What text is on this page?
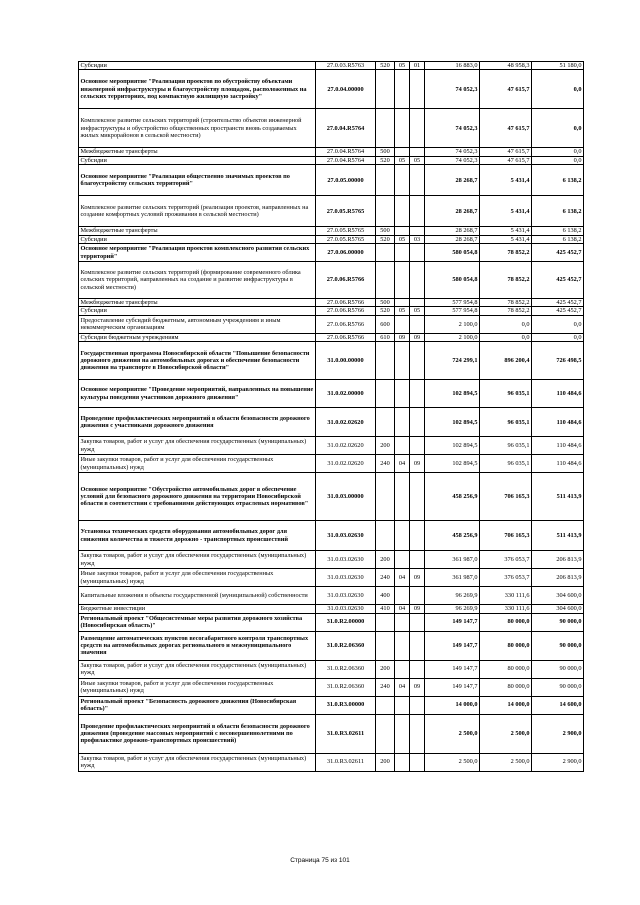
Субсидии	27.0.03.R5763	520	05	01	16 883,0	48 958,3	51 180,0
Основное мероприятие "Реализация проектов по обустройству объектами инженерной инфраструктуры и благоустройству площадок, расположенных на сельских территориях, под компактную жилищную застройку"	27.0.04.00000				74 052,3	47 615,7	0,0
Комплексное развитие сельских территорий (строительство объектов инженерной инфраструктуры и обустройство общественных пространств вновь создаваемых жилых микрорайонов в сельской местности)	27.0.04.R5764				74 052,3	47 615,7	0,0
Межбюджетные трансферты	27.0.04.R5764	500			74 052,3	47 615,7	0,0
Субсидии	27.0.04.R5764	520	05	05	74 052,3	47 615,7	0,0
Основное мероприятие "Реализация общественно значимых проектов по благоустройству сельских территорий"	27.0.05.00000				28 268,7	5 431,4	6 138,2
Комплексное развитие сельских территорий (реализация проектов, направленных на создание комфортных условий проживания в сельской местности)	27.0.05.R5765				28 268,7	5 431,4	6 138,2
Межбюджетные трансферты	27.0.05.R5765	500			28 268,7	5 431,4	6 138,2
Субсидии	27.0.05.R5765	520	05	03	28 268,7	5 431,4	6 138,2
Основное мероприятие "Реализация проектов комплексного развития сельских территорий"	27.0.06.00000				580 054,8	78 852,2	425 452,7
Комплексное развитие сельских территорий (формирование современного облика сельских территорий, направленных на создание и развитие инфраструктуры в сельской местности)	27.0.06.R5766				580 054,8	78 852,2	425 452,7
Межбюджетные трансферты	27.0.06.R5766	500			577 954,8	78 852,2	425 452,7
Субсидии	27.0.06.R5766	520	05	05	577 954,8	78 852,2	425 452,7
Предоставление субсидий бюджетным, автономным учреждениям и иным некоммерческим организациям	27.0.06.R5766	600			2 100,0	0,0	0,0
Субсидии бюджетным учреждениям	27.0.06.R5766	610	09	09	2 100,0	0,0	0,0
Государственная программа Новосибирской области "Повышение безопасности дорожного движения на автомобильных дорогах и обеспечение безопасности движения на транспорте в Новосибирской области"	31.0.00.00000				724 299,1	896 200,4	726 498,5
Основное мероприятие "Проведение мероприятий, направленных на повышение культуры поведения участников дорожного движения"	31.0.02.00000				102 894,5	96 035,1	110 484,6
Проведение профилактических мероприятий в области безопасности дорожного движения с участниками дорожного движения	31.0.02.02620				102 894,5	96 035,1	110 484,6
Закупка товаров, работ и услуг для обеспечения государственных (муниципальных) нужд	31.0.02.02620	200			102 894,5	96 035,1	110 484,6
Иные закупки товаров, работ и услуг для обеспечения государственных (муниципальных) нужд	31.0.02.02620	240	04	09	102 894,5	96 035,1	110 484,6
Основное мероприятие "Обустройство автомобильных дорог в обеспечение условий для безопасного дорожного движения на территории Новосибирской области в соответствии с требованиями действующих отраслевых нормативов"	31.0.03.00000				458 256,9	706 165,3	511 413,9
Установка технических средств оборудования автомобильных дорог для снижения количества и тяжести дорожно - транспортных происшествий	31.0.03.02630				458 256,9	706 165,3	511 413,9
Закупка товаров, работ и услуг для обеспечения государственных (муниципальных) нужд	31.0.03.02630	200			361 987,0	376 053,7	206 813,9
Иные закупки товаров, работ и услуг для обеспечения государственных (муниципальных) нужд	31.0.03.02630	240	04	09	361 987,0	376 053,7	206 813,9
Капитальные вложения в объекты государственной (муниципальной) собственности	31.0.03.02630	400			96 269,9	330 111,6	304 600,0
Бюджетные инвестиции	31.0.03.02630	410	04	09	96 269,9	330 111,6	304 600,0
Региональный проект "Общесистемные меры развития дорожного хозяйства (Новосибирская область)"	31.0.R2.00000				149 147,7	80 000,0	90 000,0
Размещение автоматических пунктов весогабаритного контроля транспортных средств на автомобильных дорогах регионального и межмуниципального значения	31.0.R2.06360				149 147,7	80 000,0	90 000,0
Закупка товаров, работ и услуг для обеспечения государственных (муниципальных) нужд	31.0.R2.06360	200			149 147,7	80 000,0	90 000,0
Иные закупки товаров, работ и услуг для обеспечения государственных (муниципальных) нужд	31.0.R2.06360	240	04	09	149 147,7	80 000,0	90 000,0
Региональный проект "Безопасность дорожного движения (Новосибирская область)"	31.0.R3.00000				14 000,0	14 000,0	14 600,0
Проведение профилактических мероприятий в области безопасности дорожного движения (проведение массовых мероприятий с несовершеннолетними по профилактике дорожно-транспортных происшествий)	31.0.R3.02611				2 500,0	2 500,0	2 900,0
Закупка товаров, работ и услуг для обеспечения государственных (муниципальных) нужд	31.0.R3.02611	200			2 500,0	2 500,0	2 900,0
Страница 75 из 101
